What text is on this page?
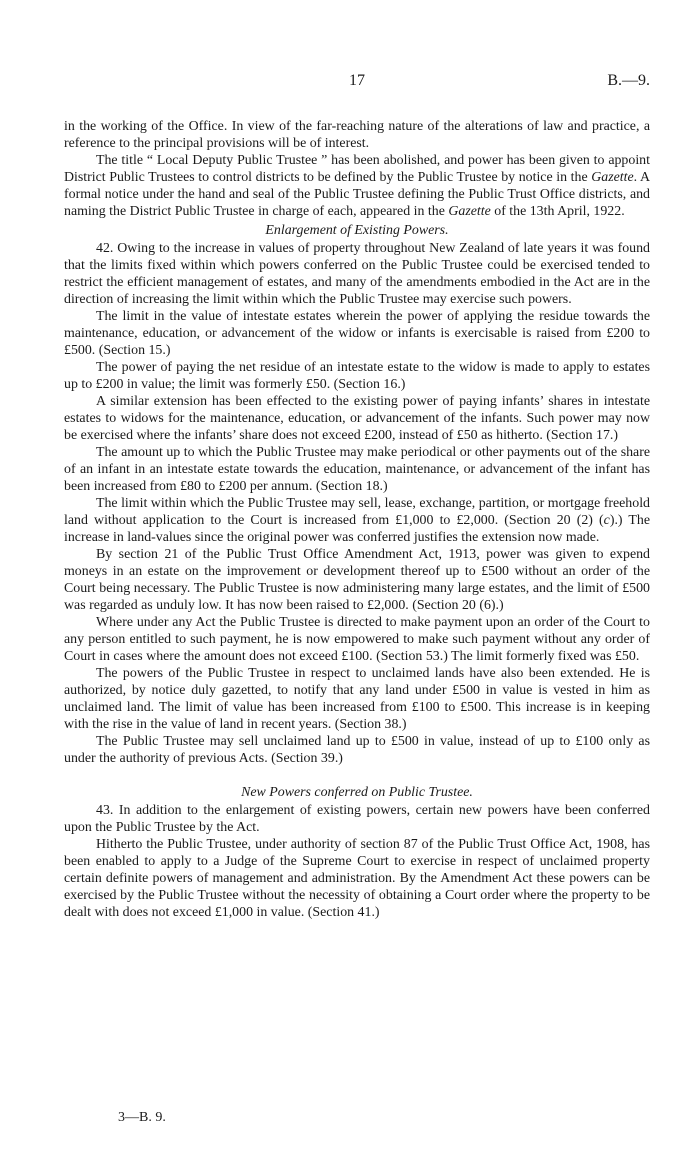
17	B.—9.

in the working of the Office. In view of the far-reaching nature of the alterations of law and practice, a reference to the principal provisions will be of interest.

The title “ Local Deputy Public Trustee ” has been abolished, and power has been given to appoint District Public Trustees to control districts to be defined by the Public Trustee by notice in the Gazette. A formal notice under the hand and seal of the Public Trustee defining the Public Trust Office districts, and naming the District Public Trustee in charge of each, appeared in the Gazette of the 13th April, 1922.

Enlargement of Existing Powers.

42. Owing to the increase in values of property throughout New Zealand of late years it was found that the limits fixed within which powers conferred on the Public Trustee could be exercised tended to restrict the efficient management of estates, and many of the amendments embodied in the Act are in the direction of increasing the limit within which the Public Trustee may exercise such powers.

The limit in the value of intestate estates wherein the power of applying the residue towards the maintenance, education, or advancement of the widow or infants is exercisable is raised from £200 to £500. (Section 15.)

The power of paying the net residue of an intestate estate to the widow is made to apply to estates up to £200 in value; the limit was formerly £50. (Section 16.)

A similar extension has been effected to the existing power of paying infants’ shares in intestate estates to widows for the maintenance, education, or advancement of the infants. Such power may now be exercised where the infants’ share does not exceed £200, instead of £50 as hitherto. (Section 17.)

The amount up to which the Public Trustee may make periodical or other payments out of the share of an infant in an intestate estate towards the education, maintenance, or advancement of the infant has been increased from £80 to £200 per annum. (Section 18.)

The limit within which the Public Trustee may sell, lease, exchange, partition, or mortgage freehold land without application to the Court is increased from £1,000 to £2,000. (Section 20 (2) (c).) The increase in land-values since the original power was conferred justifies the extension now made.

By section 21 of the Public Trust Office Amendment Act, 1913, power was given to expend moneys in an estate on the improvement or development thereof up to £500 without an order of the Court being necessary. The Public Trustee is now administering many large estates, and the limit of £500 was regarded as unduly low. It has now been raised to £2,000. (Section 20 (6).)

Where under any Act the Public Trustee is directed to make payment upon an order of the Court to any person entitled to such payment, he is now empowered to make such payment without any order of Court in cases where the amount does not exceed £100. (Section 53.) The limit formerly fixed was £50.

The powers of the Public Trustee in respect to unclaimed lands have also been extended. He is authorized, by notice duly gazetted, to notify that any land under £500 in value is vested in him as unclaimed land. The limit of value has been increased from £100 to £500. This increase is in keeping with the rise in the value of land in recent years. (Section 38.)

The Public Trustee may sell unclaimed land up to £500 in value, instead of up to £100 only as under the authority of previous Acts. (Section 39.)

New Powers conferred on Public Trustee.

43. In addition to the enlargement of existing powers, certain new powers have been conferred upon the Public Trustee by the Act.

Hitherto the Public Trustee, under authority of section 87 of the Public Trust Office Act, 1908, has been enabled to apply to a Judge of the Supreme Court to exercise in respect of unclaimed property certain definite powers of management and administration. By the Amendment Act these powers can be exercised by the Public Trustee without the necessity of obtaining a Court order where the property to be dealt with does not exceed £1,000 in value. (Section 41.)

3—B. 9.
